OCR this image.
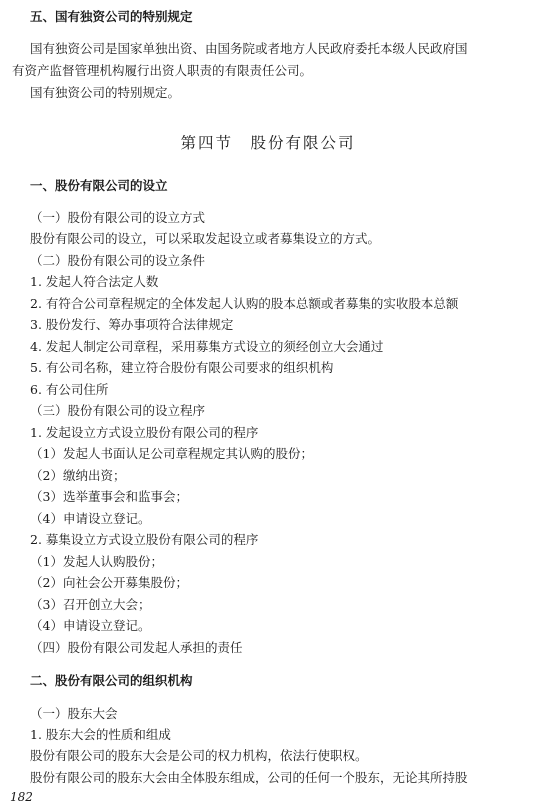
五、国有独资公司的特别规定
国有独资公司是国家单独出资、由国务院或者地方人民政府委托本级人民政府国
有资产监督管理机构履行出资人职责的有限责任公司。
国有独资公司的特别规定。
第四节　股份有限公司
一、股份有限公司的设立
（一）股份有限公司的设立方式
股份有限公司的设立，可以采取发起设立或者募集设立的方式。
（二）股份有限公司的设立条件
1. 发起人符合法定人数
2. 有符合公司章程规定的全体发起人认购的股本总额或者募集的实收股本总额
3. 股份发行、筹办事项符合法律规定
4. 发起人制定公司章程，采用募集方式设立的须经创立大会通过
5. 有公司名称，建立符合股份有限公司要求的组织机构
6. 有公司住所
（三）股份有限公司的设立程序
1. 发起设立方式设立股份有限公司的程序
（1）发起人书面认足公司章程规定其认购的股份；
（2）缴纳出资；
（3）选举董事会和监事会；
（4）申请设立登记。
2. 募集设立方式设立股份有限公司的程序
（1）发起人认购股份；
（2）向社会公开募集股份；
（3）召开创立大会；
（4）申请设立登记。
（四）股份有限公司发起人承担的责任
二、股份有限公司的组织机构
（一）股东大会
1. 股东大会的性质和组成
股份有限公司的股东大会是公司的权力机构，依法行使职权。
股份有限公司的股东大会由全体股东组成，公司的任何一个股东，无论其所持股
182
